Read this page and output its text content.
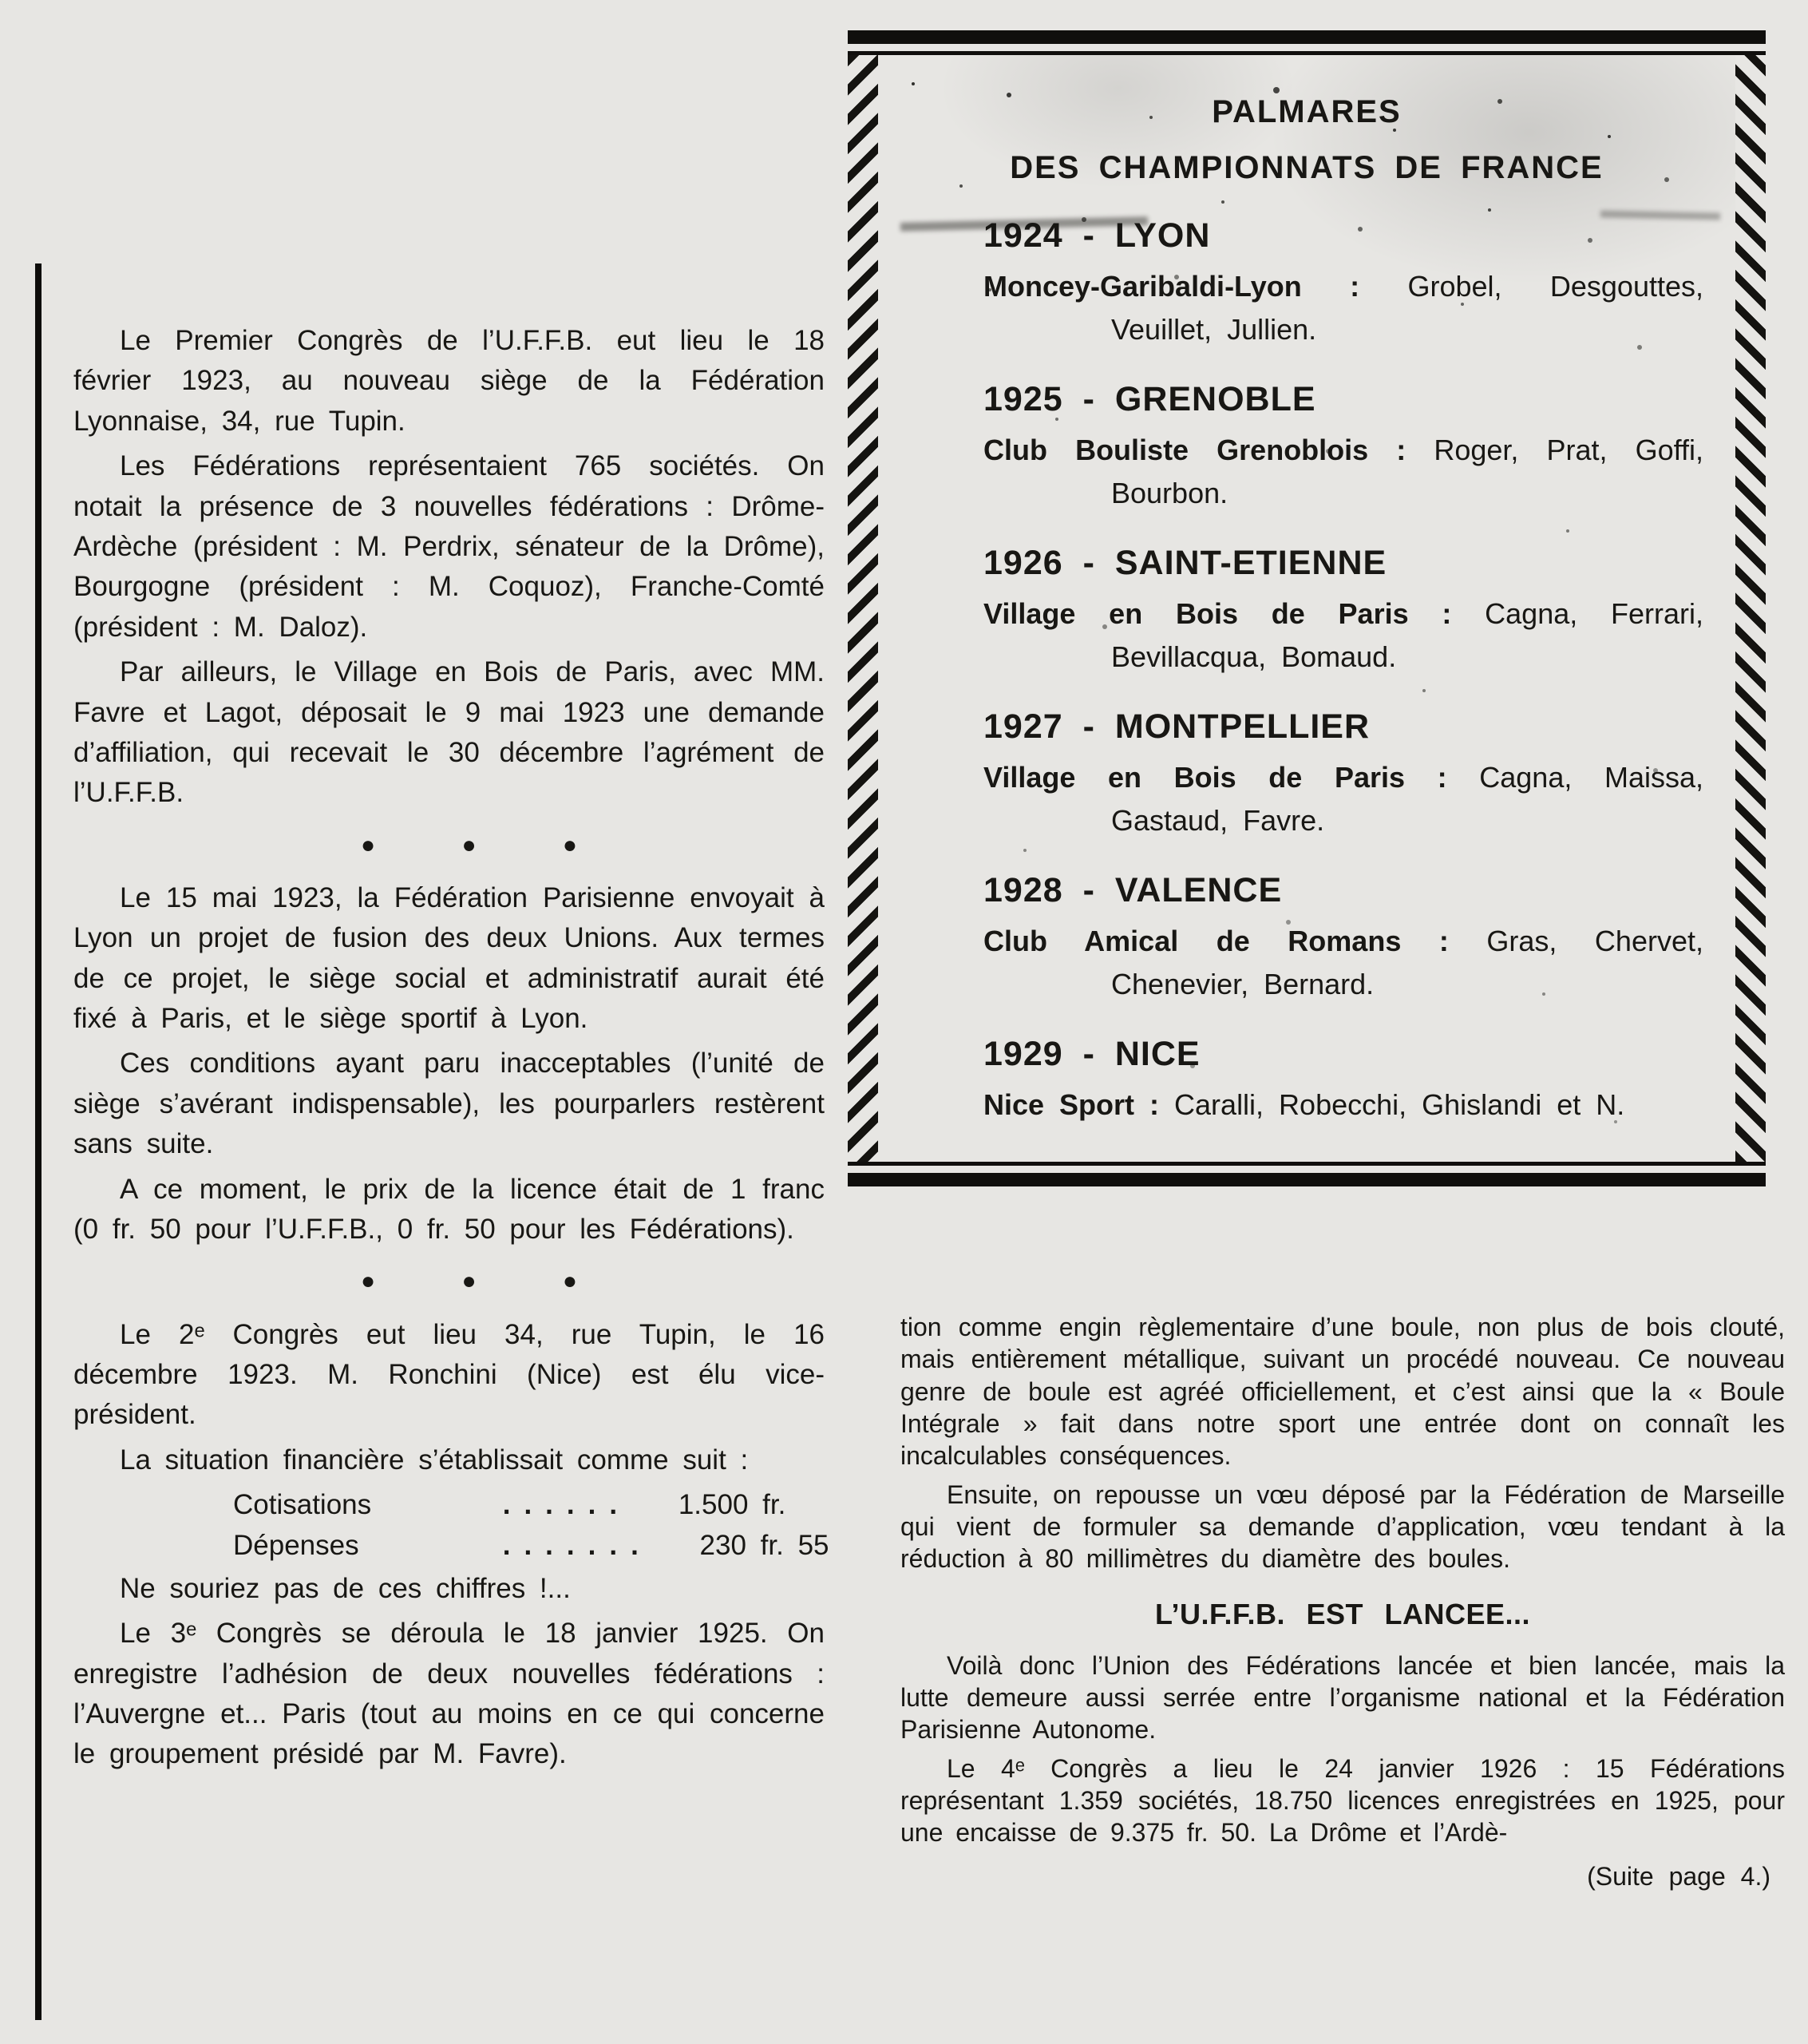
Le Premier Congrès de l’U.F.F.B. eut lieu le 18 février 1923, au nouveau siège de la Fédération Lyonnaise, 34, rue Tupin.

Les Fédérations représentaient 765 sociétés. On notait la présence de 3 nouvelles fédérations : Drôme-Ardèche (président : M. Perdrix, sénateur de la Drôme), Bourgogne (président : M. Coquoz), Franche-Comté (président : M. Daloz).

Par ailleurs, le Village en Bois de Paris, avec MM. Favre et Lagot, déposait le 9 mai 1923 une demande d’affiliation, qui recevait le 30 décembre l’agrément de l’U.F.F.B.

● ● ●

Le 15 mai 1923, la Fédération Parisienne envoyait à Lyon un projet de fusion des deux Unions. Aux termes de ce projet, le siège social et administratif aurait été fixé à Paris, et le siège sportif à Lyon.

Ces conditions ayant paru inacceptables (l’unité de siège s’avérant indispensable), les pourparlers restèrent sans suite.

A ce moment, le prix de la licence était de 1 franc (0 fr. 50 pour l’U.F.F.B., 0 fr. 50 pour les Fédérations).

● ● ●

Le 2ᵉ Congrès eut lieu 34, rue Tupin, le 16 décembre 1923. M. Ronchini (Nice) est élu vice-président.

La situation financière s’établissait comme suit :

Cotisations	...... 1.500 fr.
Dépenses	....... 230 fr. 55

Ne souriez pas de ces chiffres !...

Le 3ᵉ Congrès se déroula le 18 janvier 1925. On enregistre l’adhésion de deux nouvelles fédérations : l’Auvergne et... Paris (tout au moins en ce qui concerne le groupement présidé par M. Favre).

PALMARES
DES CHAMPIONNATS DE FRANCE
1924 - LYON

Moncey-Garibaldi-Lyon : Grobel, Desgouttes, Veuillet, Jullien.

1925 - GRENOBLE

Club Bouliste Grenoblois : Roger, Prat, Goffi, Bourbon.

1926 - SAINT-ETIENNE

Village en Bois de Paris : Cagna, Ferrari, Bevillacqua, Bomaud.

1927 - MONTPELLIER

Village en Bois de Paris : Cagna, Maissa, Gastaud, Favre.

1928 - VALENCE

Club Amical de Romans : Gras, Chervet, Chenevier, Bernard.

1929 - NICE

Nice Sport : Caralli, Robecchi, Ghislandi et N.

tion comme engin règlementaire d’une boule, non plus de bois clouté, mais entièrement métallique, suivant un procédé nouveau. Ce nouveau genre de boule est agréé officiellement, et c’est ainsi que la « Boule Intégrale » fait dans notre sport une entrée dont on connaît les incalculables conséquences.

Ensuite, on repousse un vœu déposé par la Fédération de Marseille qui vient de formuler sa demande d’application, vœu tendant à la réduction à 80 millimètres du diamètre des boules.

L’U.F.F.B. EST LANCEE...

Voilà donc l’Union des Fédérations lancée et bien lancée, mais la lutte demeure aussi serrée entre l’organisme national et la Fédération Parisienne Autonome.

Le 4ᵉ Congrès a lieu le 24 janvier 1926 : 15 Fédérations représentant 1.359 sociétés, 18.750 licences enregistrées en 1925, pour une encaisse de 9.375 fr. 50. La Drôme et l’Ardè-

(Suite page 4.)
